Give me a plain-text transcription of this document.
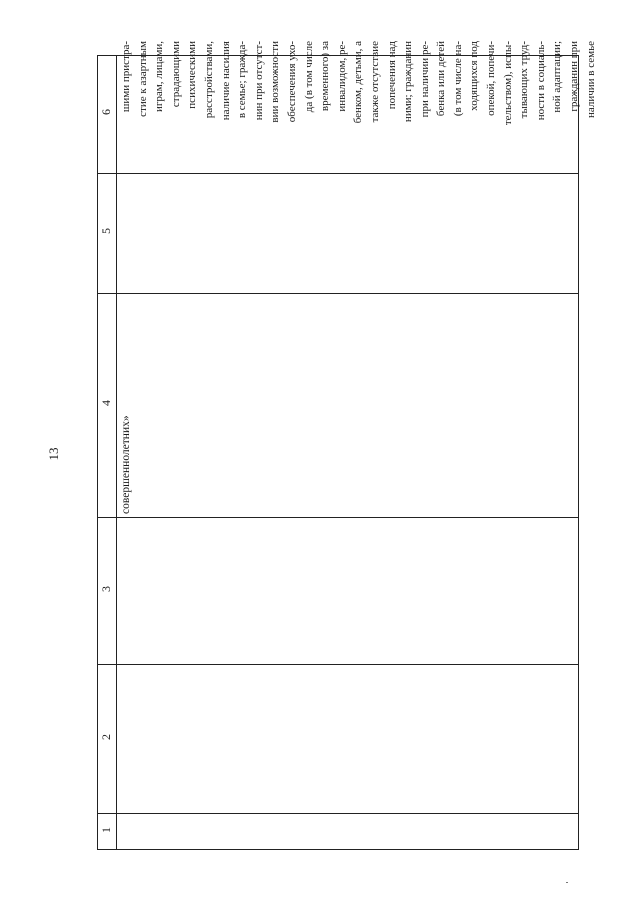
13
6
5
4
3
2
1
совершеннолетних»
шими пристра- стие к азартным играм, лицами, страдающими психическими расстройствами, наличие насилия в семье; гражда- нин при отсутст- вии возможности обеспечения ухо- да (в том числе временного) за инвалидом, ре- бенком, детьми, а также отсутствие попечения над ними; гражданин при наличии ре- бенка или детей (в том числе на- ходящихся под опекой, попечи- тельством), испы- тывающих труд- ности в социаль- ной адаптации; гражданин при наличии в семье
